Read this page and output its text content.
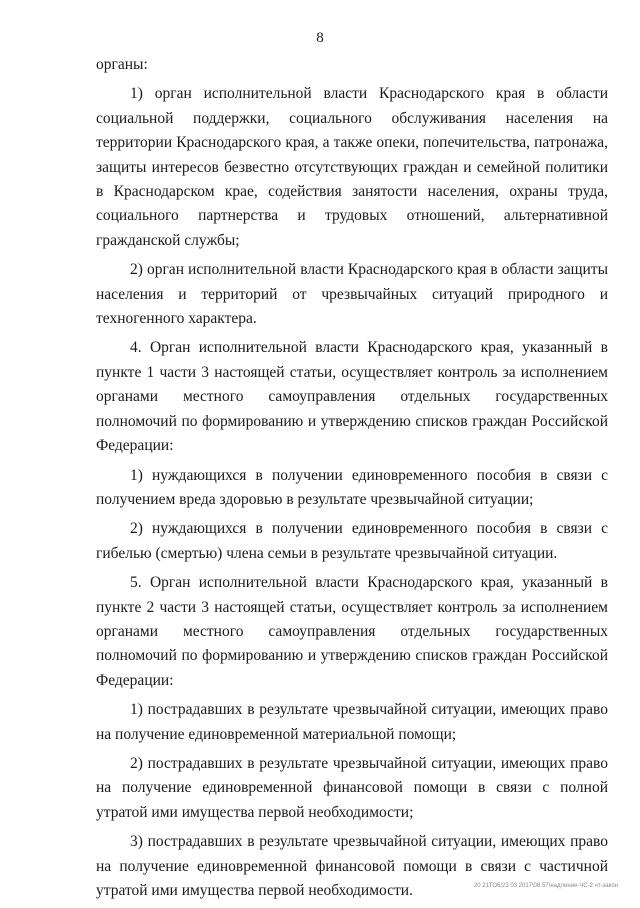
8

органы:

1) орган исполнительной власти Краснодарского края в области социальной поддержки, социального обслуживания населения на территории Краснодарского края, а также опеки, попечительства, патронажа, защиты интересов безвестно отсутствующих граждан и семейной политики в Краснодарском крае, содействия занятости населения, охраны труда, социального партнерства и трудовых отношений, альтернативной гражданской службы;

2) орган исполнительной власти Краснодарского края в области защиты населения и территорий от чрезвычайных ситуаций природного и техногенного характера.

4. Орган исполнительной власти Краснодарского края, указанный в пункте 1 части 3 настоящей статьи, осуществляет контроль за исполнением органами местного самоуправления отдельных государственных полномочий по формированию и утверждению списков граждан Российской Федерации:

1) нуждающихся в получении единовременного пособия в связи с получением вреда здоровью в результате чрезвычайной ситуации;

2) нуждающихся в получении единовременного пособия в связи с гибелью (смертью) члена семьи в результате чрезвычайной ситуации.

5. Орган исполнительной власти Краснодарского края, указанный в пункте 2 части 3 настоящей статьи, осуществляет контроль за исполнением органами местного самоуправления отдельных государственных полномочий по формированию и утверждению списков граждан Российской Федерации:

1) пострадавших в результате чрезвычайной ситуации, имеющих право на получение единовременной материальной помощи;

2) пострадавших в результате чрезвычайной ситуации, имеющих право на получение единовременной финансовой помощи в связи с полной утратой ими имущества первой необходимости;

3) пострадавших в результате чрезвычайной ситуации, имеющих право на получение единовременной финансовой помощи в связи с частичной утратой ими имущества первой необходимости.	20 21ТО6/23 03 2017\08 57\надление-ЧС-2 чт-закон
